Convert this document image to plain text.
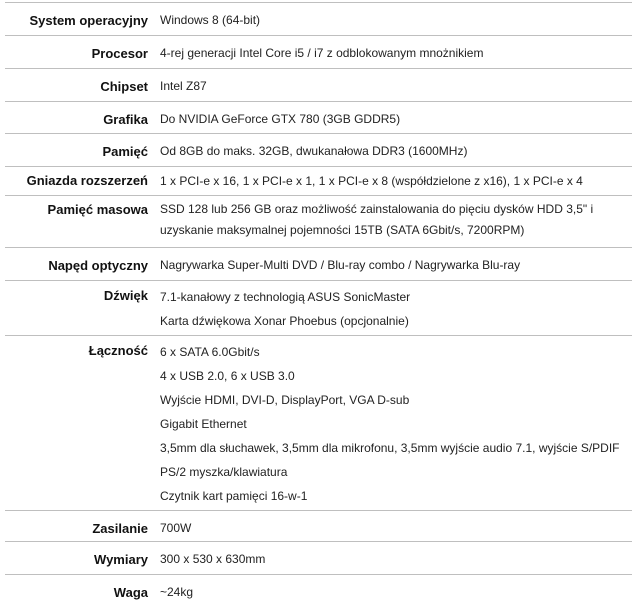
System operacyjny Windows 8 (64-bit)
Procesor 4-rej generacji Intel Core i5 / i7 z odblokowanym mnożnikiem
Chipset Intel Z87
Grafika Do NVIDIA GeForce GTX 780 (3GB GDDR5)
Pamięć Od 8GB do maks. 32GB, dwukanałowa DDR3 (1600MHz)
Gniazda rozszerzeń 1 x PCI-e x 16, 1 x PCI-e x 1, 1 x PCI-e x 8 (współdzielone z x16), 1 x PCI-e x 4
Pamięć masowa SSD 128 lub 256 GB oraz możliwość zainstalowania do pięciu dysków HDD 3,5" i uzyskanie maksymalnej pojemności 15TB (SATA 6Gbit/s, 7200RPM)
Napęd optyczny Nagrywarka Super-Multi DVD / Blu-ray combo / Nagrywarka Blu-ray
Dźwięk 7.1-kanałowy z technologią ASUS SonicMaster
Karta dźwiękowa Xonar Phoebus (opcjonalnie)
Łączność 6 x SATA 6.0Gbit/s
4 x USB 2.0, 6 x USB 3.0
Wyjście HDMI, DVI-D, DisplayPort, VGA D-sub
Gigabit Ethernet
3,5mm dla słuchawek, 3,5mm dla mikrofonu, 3,5mm wyjście audio 7.1, wyjście S/PDIF
PS/2 myszka/klawiatura
Czytnik kart pamięci 16-w-1
Zasilanie 700W
Wymiary 300 x 530 x 630mm
Waga ~24kg
